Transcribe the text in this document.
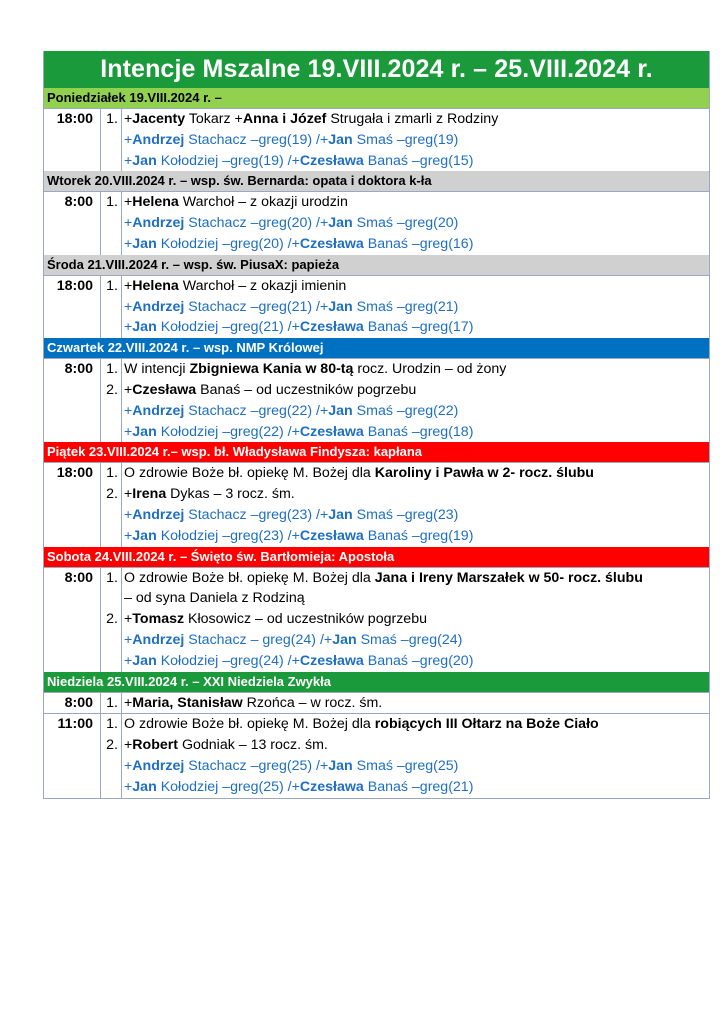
Intencje Mszalne 19.VIII.2024 r. – 25.VIII.2024 r.
Poniedziałek 19.VIII.2024 r. –
18:00 1. +Jacenty Tokarz +Anna i Józef Strugała i zmarli z Rodziny
+Andrzej Stachacz –greg(19) /+Jan Smaś –greg(19)
+Jan Kołodziej –greg(19) /+Czesława Banaś –greg(15)
Wtorek 20.VIII.2024 r. – wsp. św. Bernarda: opata i doktora k-ła
8:00 1. +Helena Warchoł – z okazji urodzin
+Andrzej Stachacz –greg(20) /+Jan Smaś –greg(20)
+Jan Kołodziej –greg(20) /+Czesława Banaś –greg(16)
Środa 21.VIII.2024 r. – wsp. św. PiusaX: papieża
18:00 1. +Helena Warchoł – z okazji imienin
+Andrzej Stachacz –greg(21) /+Jan Smaś –greg(21)
+Jan Kołodziej –greg(21) /+Czesława Banaś –greg(17)
Czwartek 22.VIII.2024 r. – wsp. NMP Królowej
8:00 1.
2.
W intencji Zbigniewa Kania w 80-tą rocz. Urodzin – od żony
+Czesława Banaś – od uczestników pogrzebu
+Andrzej Stachacz –greg(22) /+Jan Smaś –greg(22)
+Jan Kołodziej –greg(22) /+Czesława Banaś –greg(18)
Piątek 23.VIII.2024 r.– wsp. bł. Władysława Findysza: kapłana
18:00 1.
2.
O zdrowie Boże bł. opiekę M. Bożej dla Karoliny i Pawła w 2- rocz. ślubu
+Irena Dykas – 3 rocz. śm.
+Andrzej Stachacz –greg(23) /+Jan Smaś –greg(23)
+Jan Kołodziej –greg(23) /+Czesława Banaś –greg(19)
Sobota 24.VIII.2024 r. – Święto św. Bartłomieja: Apostoła
8:00 1.
2.
O zdrowie Boże bł. opiekę M. Bożej dla Jana i Ireny Marszałek w 50- rocz. ślubu
– od syna Daniela z Rodziną
+Tomasz Kłosowicz – od uczestników pogrzebu
+Andrzej Stachacz – greg(24) /+Jan Smaś –greg(24)
+Jan Kołodziej –greg(24) /+Czesława Banaś –greg(20)
Niedziela 25.VIII.2024 r. – XXI Niedziela Zwykła
8:00 1. +Maria, Stanisław Rzońca – w rocz. śm.
11:00 1.
2.
O zdrowie Boże bł. opiekę M. Bożej dla robiących III Ołtarz na Boże Ciało
+Robert Godniak – 13 rocz. śm.
+Andrzej Stachacz –greg(25) /+Jan Smaś –greg(25)
+Jan Kołodziej –greg(25) /+Czesława Banaś –greg(21)
